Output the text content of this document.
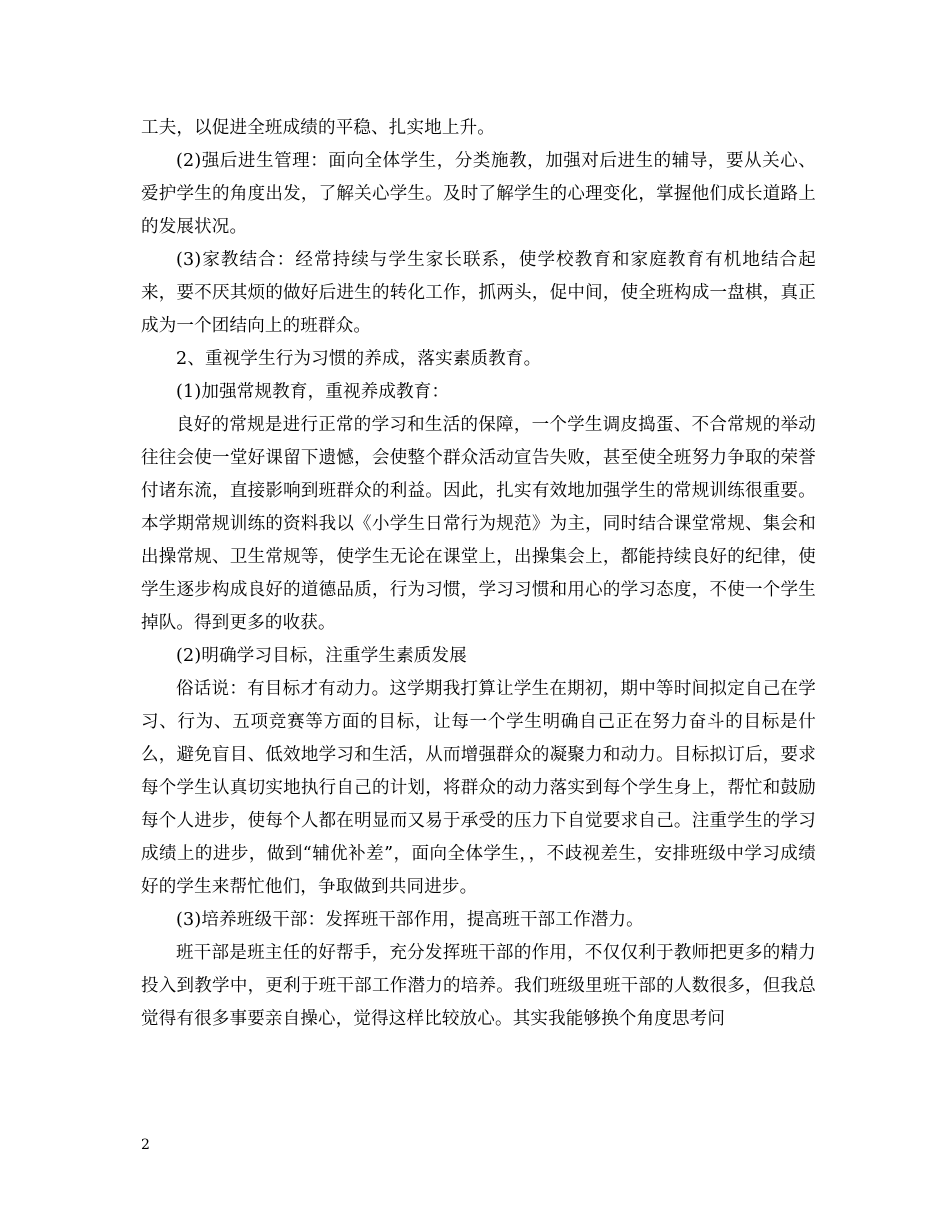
工夫，以促进全班成绩的平稳、扎实地上升。

(2)强后进生管理：面向全体学生，分类施教，加强对后进生的辅导，要从关心、爱护学生的角度出发，了解关心学生。及时了解学生的心理变化，掌握他们成长道路上的发展状况。

(3)家教结合：经常持续与学生家长联系，使学校教育和家庭教育有机地结合起来，要不厌其烦的做好后进生的转化工作，抓两头，促中间，使全班构成一盘棋，真正成为一个团结向上的班群众。

2、重视学生行为习惯的养成，落实素质教育。

(1)加强常规教育，重视养成教育：

良好的常规是进行正常的学习和生活的保障，一个学生调皮捣蛋、不合常规的举动往往会使一堂好课留下遗憾，会使整个群众活动宣告失败，甚至使全班努力争取的荣誉付诸东流，直接影响到班群众的利益。因此，扎实有效地加强学生的常规训练很重要。本学期常规训练的资料我以《小学生日常行为规范》为主，同时结合课堂常规、集会和出操常规、卫生常规等，使学生无论在课堂上，出操集会上，都能持续良好的纪律，使学生逐步构成良好的道德品质，行为习惯，学习习惯和用心的学习态度，不使一个学生掉队。得到更多的收获。

(2)明确学习目标，注重学生素质发展

俗话说：有目标才有动力。这学期我打算让学生在期初，期中等时间拟定自己在学习、行为、五项竞赛等方面的目标，让每一个学生明确自己正在努力奋斗的目标是什么，避免盲目、低效地学习和生活，从而增强群众的凝聚力和动力。目标拟订后，要求每个学生认真切实地执行自己的计划，将群众的动力落实到每个学生身上，帮忙和鼓励每个人进步，使每个人都在明显而又易于承受的压力下自觉要求自己。注重学生的学习成绩上的进步，做到“辅优补差”，面向全体学生，，不歧视差生，安排班级中学习成绩好的学生来帮忙他们，争取做到共同进步。

(3)培养班级干部：发挥班干部作用，提高班干部工作潜力。

班干部是班主任的好帮手，充分发挥班干部的作用，不仅仅利于教师把更多的精力投入到教学中，更利于班干部工作潜力的培养。我们班级里班干部的人数很多，但我总觉得有很多事要亲自操心，觉得这样比较放心。其实我能够换个角度思考问

2
